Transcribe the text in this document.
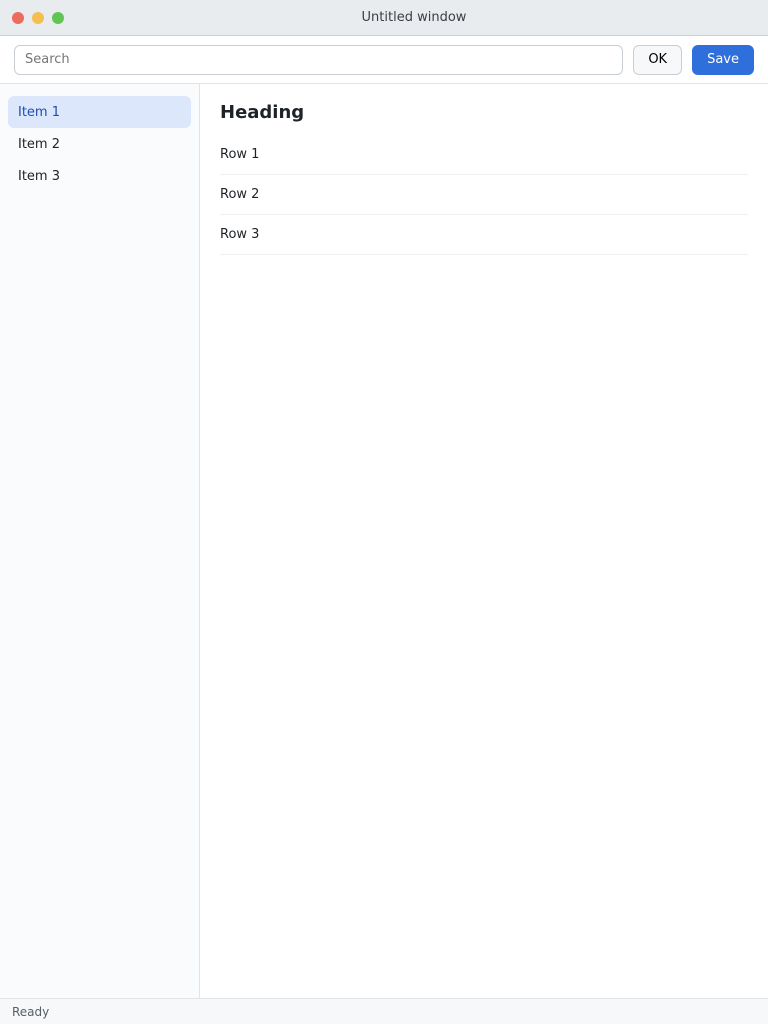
Untitled window
Search
OK	Save
Item 1
Item 2
Item 3
Heading
Row 1
Row 2
Row 3
Ready
